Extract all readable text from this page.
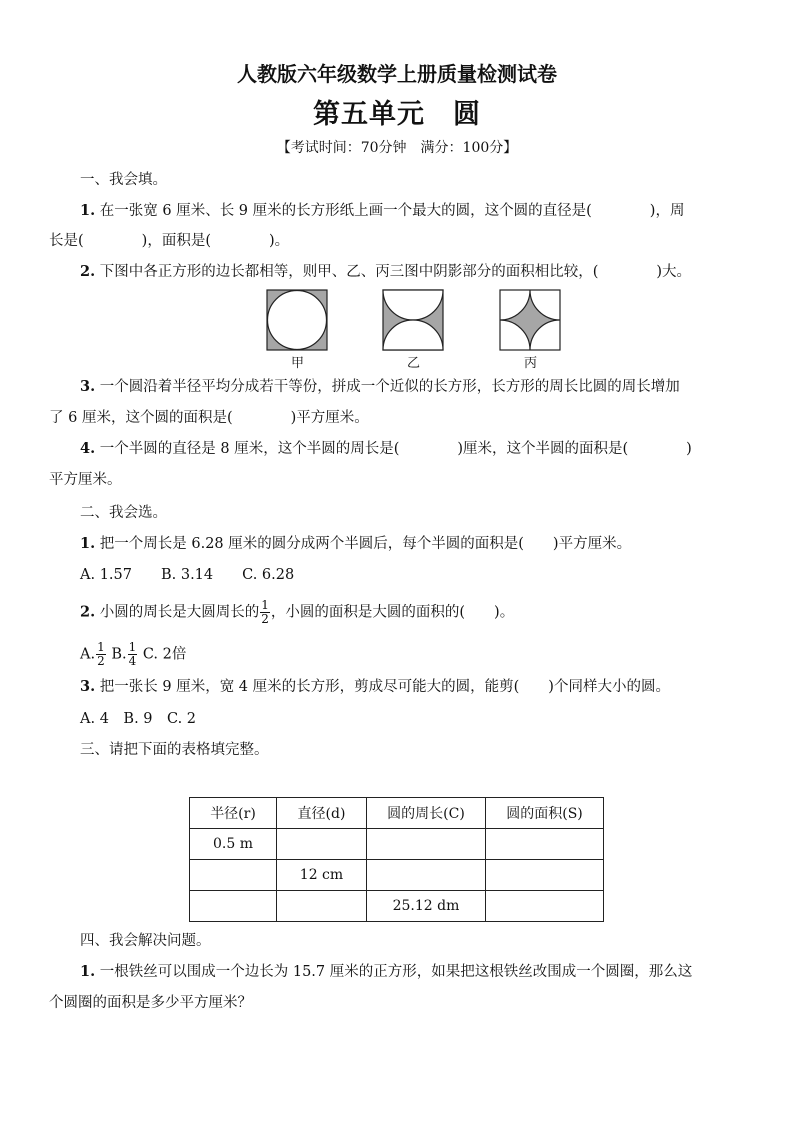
人教版六年级数学上册质量检测试卷
第五单元　圆
【考试时间：70分钟　满分：100分】
一、我会填。
1. 在一张宽 6 厘米、长 9 厘米的长方形纸上画一个最大的圆，这个圆的直径是(　　　　)，周
长是(　　　　)，面积是(　　　　)。
2. 下图中各正方形的边长都相等，则甲、乙、丙三图中阴影部分的面积相比较，(　　　　)大。
甲	乙	丙
3. 一个圆沿着半径平均分成若干等份，拼成一个近似的长方形，长方形的周长比圆的周长增加
了 6 厘米，这个圆的面积是(　　　　)平方厘米。
4. 一个半圆的直径是 8 厘米，这个半圆的周长是(　　　　)厘米，这个半圆的面积是(　　　　)
平方厘米。
二、我会选。
1. 把一个周长是 6.28 厘米的圆分成两个半圆后，每个半圆的面积是(　　)平方厘米。
A. 1.57　　B. 3.14　　C. 6.28
2. 小圆的周长是大圆周长的 $\frac{1}{2}$ ，小圆的面积是大圆的面积的(　　)。
A. $\frac{1}{2} B$. $\frac{1}{4} C$. 2倍
3. 把一张长 9 厘米，宽 4 厘米的长方形，剪成尽可能大的圆，能剪(　　)个同样大小的圆。
A. 4　B. 9　C. 2
三、请把下面的表格填完整。
半径(r)	直径(d)	圆的周长(C)	圆的面积(S)
0.5 m			
	12 cm		
		25.12 dm	
四、我会解决问题。
1. 一根铁丝可以围成一个边长为 15.7 厘米的正方形，如果把这根铁丝改围成一个圆圈，那么这
个圆圈的面积是多少平方厘米？
